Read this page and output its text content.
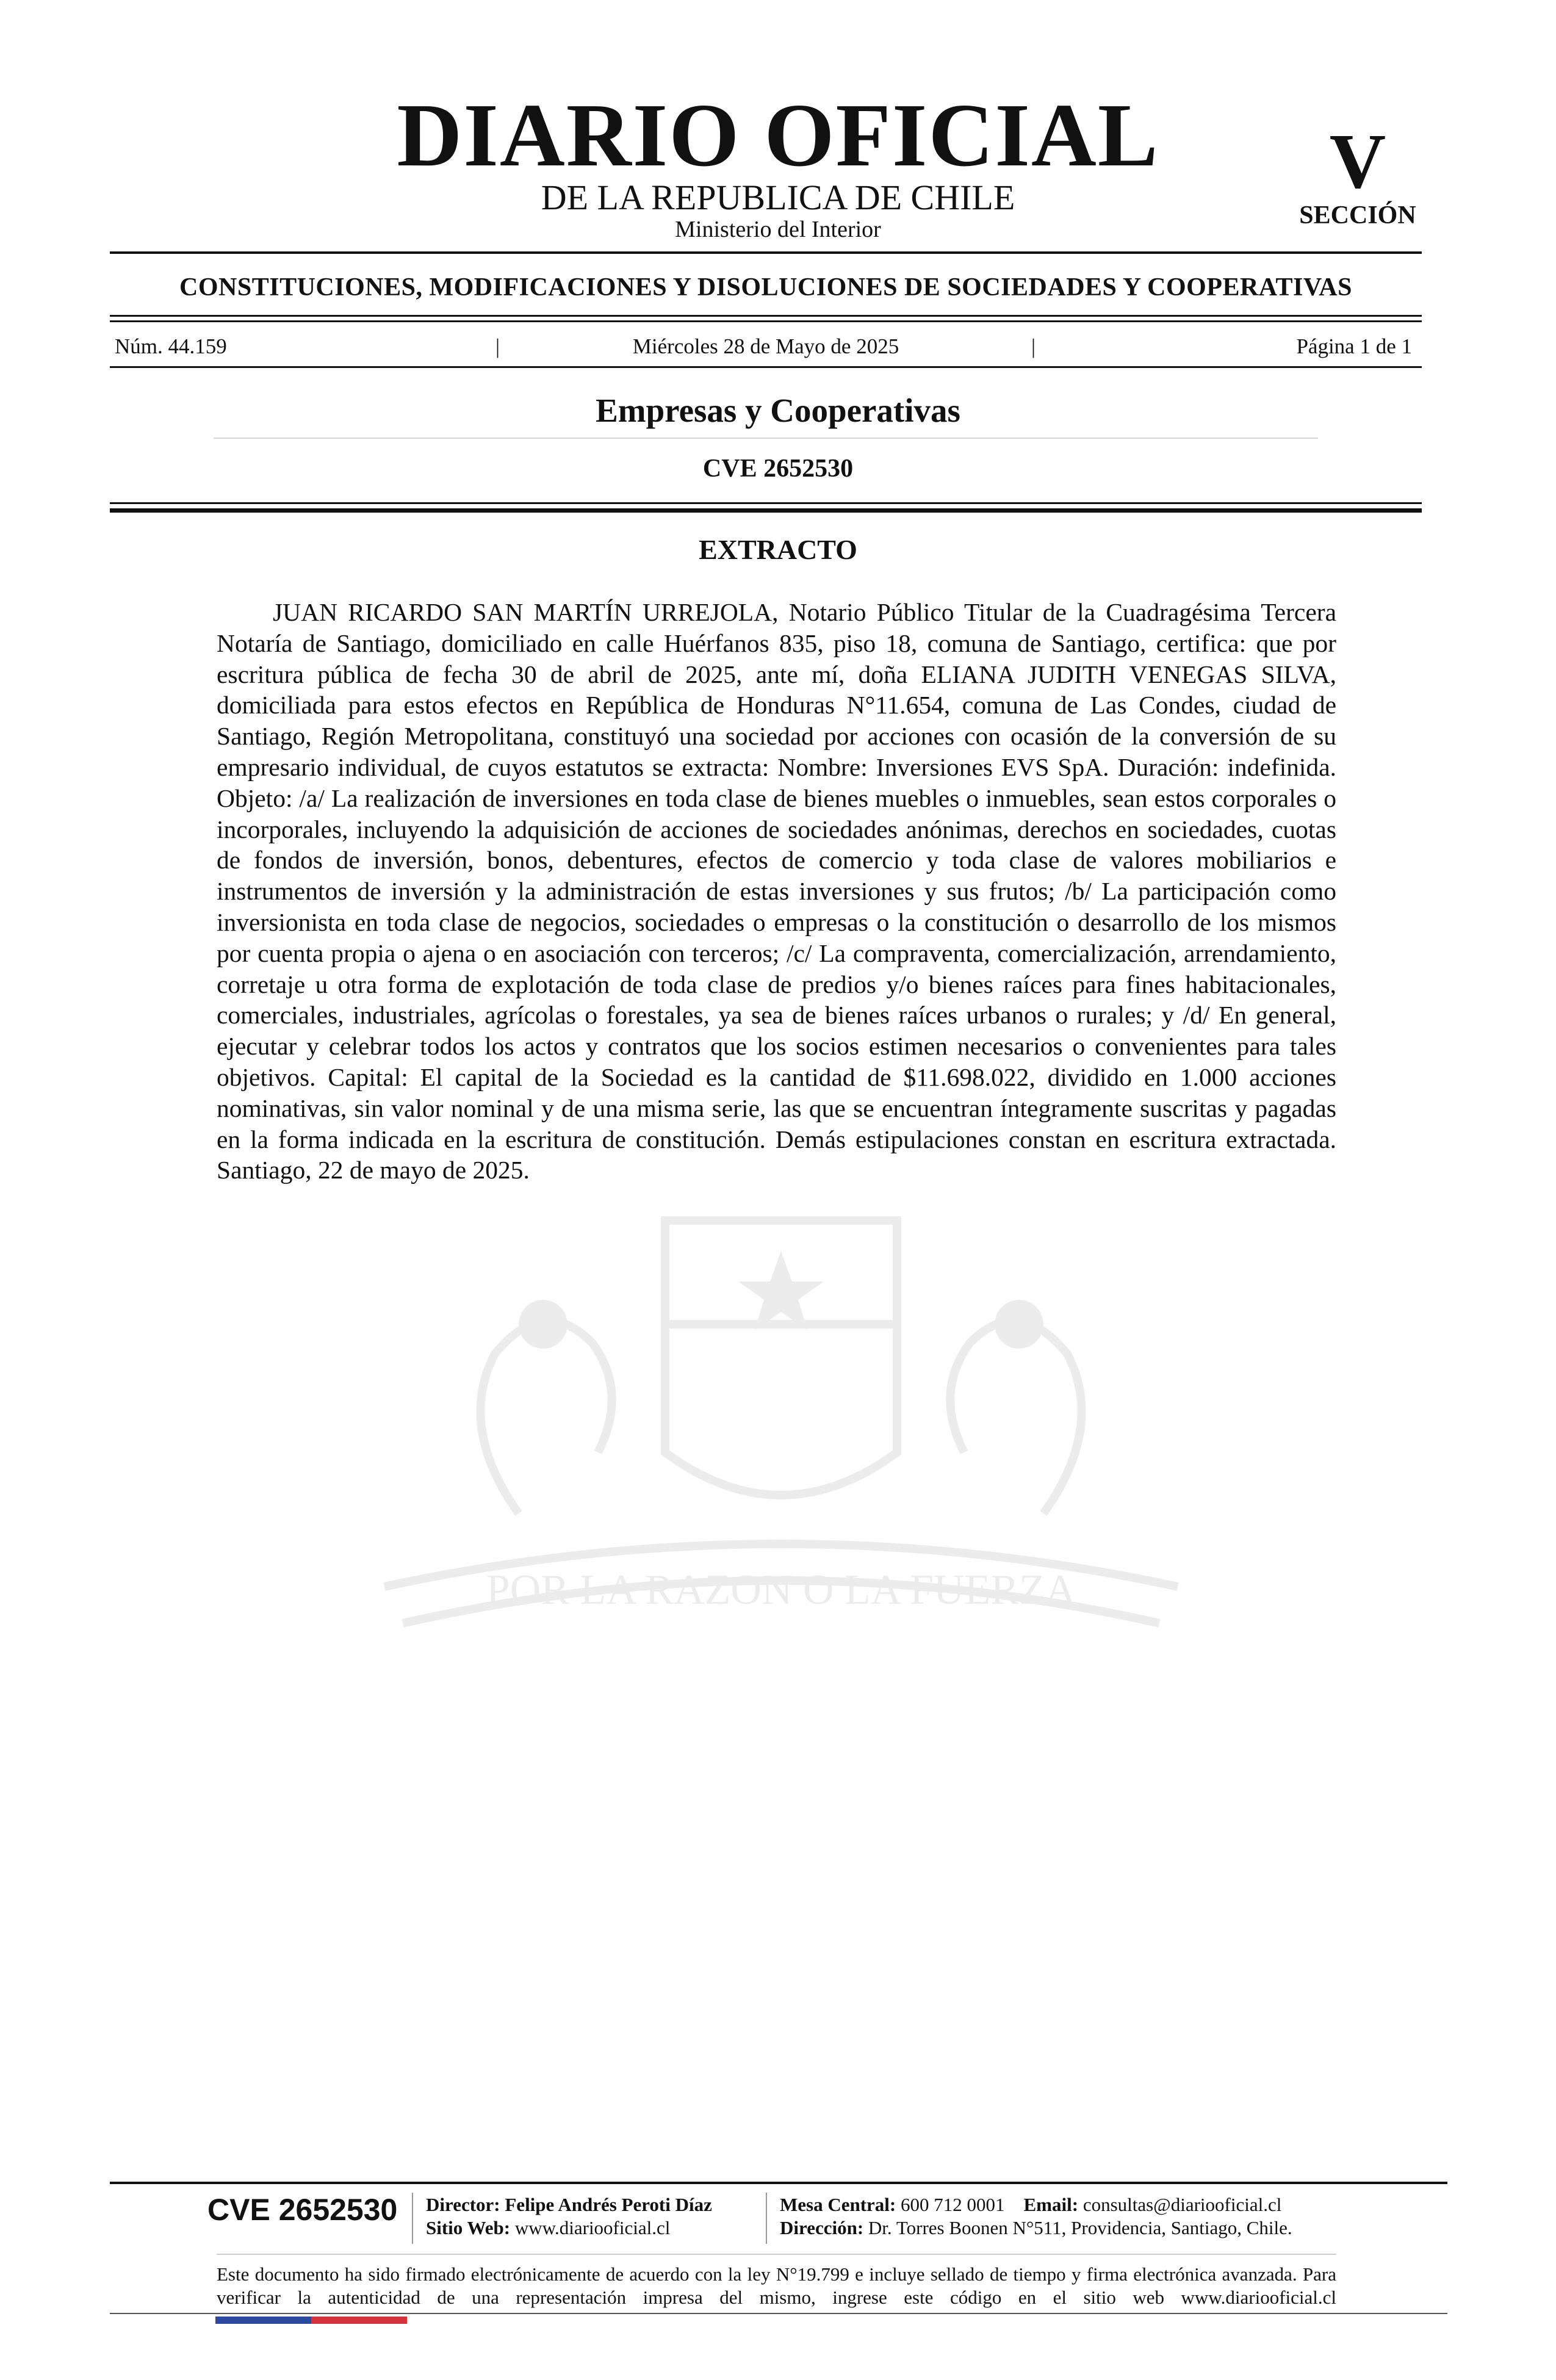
DIARIO OFICIAL
DE LA REPUBLICA DE CHILE
Ministerio del Interior
V
SECCIÓN
CONSTITUCIONES, MODIFICACIONES Y DISOLUCIONES DE SOCIEDADES Y COOPERATIVAS
Núm. 44.159	|	Miércoles 28 de Mayo de 2025	|	Página 1 de 1
Empresas y Cooperativas
CVE 2652530
POR LA RAZON O LA FUERZA
EXTRACTO

JUAN RICARDO SAN MARTÍN URREJOLA, Notario Público Titular de la Cuadragésima Tercera Notaría de Santiago, domiciliado en calle Huérfanos 835, piso 18, comuna de Santiago, certifica: que por escritura pública de fecha 30 de abril de 2025, ante mí, doña ELIANA JUDITH VENEGAS SILVA, domiciliada para estos efectos en República de Honduras N°11.654, comuna de Las Condes, ciudad de Santiago, Región Metropolitana, constituyó una sociedad por acciones con ocasión de la conversión de su empresario individual, de cuyos estatutos se extracta: Nombre: Inversiones EVS SpA. Duración: indefinida. Objeto: /a/ La realización de inversiones en toda clase de bienes muebles o inmuebles, sean estos corporales o incorporales, incluyendo la adquisición de acciones de sociedades anónimas, derechos en sociedades, cuotas de fondos de inversión, bonos, debentures, efectos de comercio y toda clase de valores mobiliarios e instrumentos de inversión y la administración de estas inversiones y sus frutos; /b/ La participación como inversionista en toda clase de negocios, sociedades o empresas o la constitución o desarrollo de los mismos por cuenta propia o ajena o en asociación con terceros; /c/ La compraventa, comercialización, arrendamiento, corretaje u otra forma de explotación de toda clase de predios y/o bienes raíces para fines habitacionales, comerciales, industriales, agrícolas o forestales, ya sea de bienes raíces urbanos o rurales; y /d/ En general, ejecutar y celebrar todos los actos y contratos que los socios estimen necesarios o convenientes para tales objetivos. Capital: El capital de la Sociedad es la cantidad de $11.698.022, dividido en 1.000 acciones nominativas, sin valor nominal y de una misma serie, las que se encuentran íntegramente suscritas y pagadas en la forma indicada en la escritura de constitución. Demás estipulaciones constan en escritura extractada. Santiago, 22 de mayo de 2025.

CVE 2652530 Director: Felipe Andrés Peroti Díaz
Sitio Web: www.diariooficial.cl
Mesa Central: 600 712 0001 Email: consultas@diariooficial.cl
Dirección: Dr. Torres Boonen N°511, Providencia, Santiago, Chile.
Este documento ha sido firmado electrónicamente de acuerdo con la ley N°19.799 e incluye sellado de tiempo y firma electrónica avanzada. Para verificar la autenticidad de una representación impresa del mismo, ingrese este código en el sitio web www.diariooficial.cl
